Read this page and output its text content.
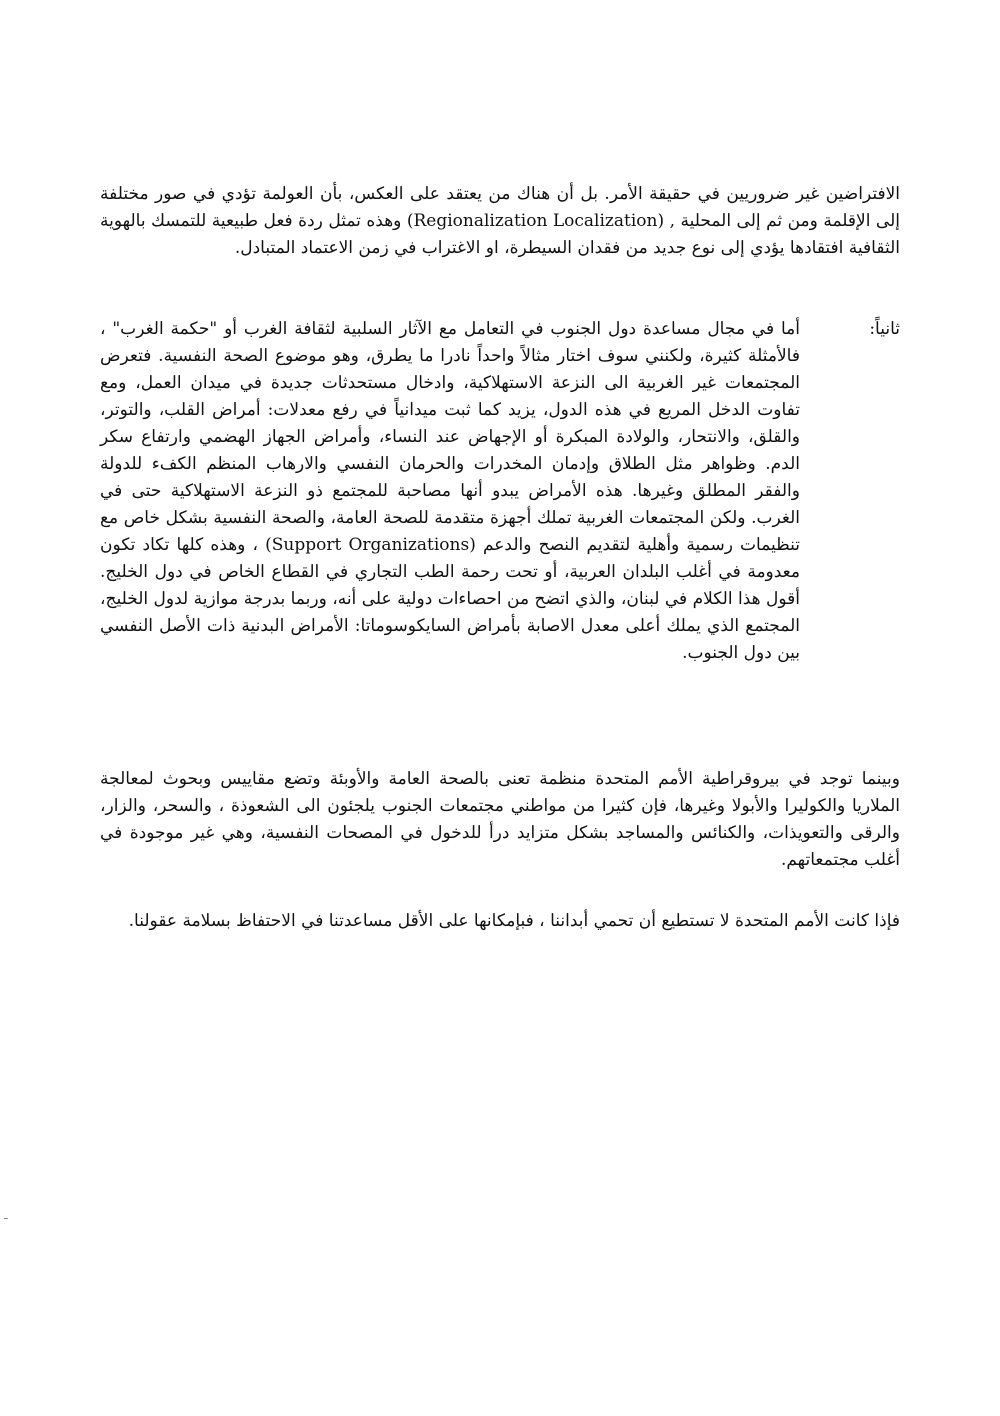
الافتراضين غير ضروريين في حقيقة الأمر. بل أن هناك من يعتقد على العكس، بأن العولمة تؤدي في صور مختلفة إلى الإقلمة ومن ثم إلى المحلية , (Regionalization Localization) وهذه تمثل ردة فعل طبيعية للتمسك بالهوية الثقافية افتقادها يؤدي إلى نوع جديد من فقدان السيطرة، او الاغتراب في زمن الاعتماد المتبادل.

ثانياً:

أما في مجال مساعدة دول الجنوب في التعامل مع الآثار السلبية لثقافة الغرب أو "حكمة الغرب" ، فالأمثلة كثيرة، ولكنني سوف اختار مثالاً واحداً نادرا ما يطرق، وهو موضوع الصحة النفسية. فتعرض المجتمعات غير الغربية الى النزعة الاستهلاكية، وادخال مستحدثات جديدة في ميدان العمل، ومع تفاوت الدخل المريع في هذه الدول، يزيد كما ثبت ميدانياً في رفع معدلات: أمراض القلب، والتوتر، والقلق، والانتحار، والولادة المبكرة أو الإجهاض عند النساء، وأمراض الجهاز الهضمي وارتفاع سكر الدم. وظواهر مثل الطلاق وإدمان المخدرات والحرمان النفسي والارهاب المنظم الكفء للدولة والفقر المطلق وغيرها. هذه الأمراض يبدو أنها مصاحبة للمجتمع ذو النزعة الاستهلاكية حتى في الغرب. ولكن المجتمعات الغربية تملك أجهزة متقدمة للصحة العامة، والصحة النفسية بشكل خاص مع تنظيمات رسمية وأهلية لتقديم النصح والدعم (Support Organizations) ، وهذه كلها تكاد تكون معدومة في أغلب البلدان العربية، أو تحت رحمة الطب التجاري في القطاع الخاص في دول الخليج. أقول هذا الكلام في لبنان، والذي اتضح من احصاءات دولية على أنه، وربما بدرجة موازية لدول الخليج، المجتمع الذي يملك أعلى معدل الاصابة بأمراض السايكوسوماتا: الأمراض البدنية ذات الأصل النفسي بين دول الجنوب.

وبينما توجد في بيروقراطية الأمم المتحدة منظمة تعنى بالصحة العامة والأوبئة وتضع مقاييس وبحوث لمعالجة الملاريا والكوليرا والأبولا وغيرها، فإن كثيرا من مواطني مجتمعات الجنوب يلجئون الى الشعوذة ، والسحر، والزار، والرقى والتعويذات، والكنائس والمساجد بشكل متزايد درأ للدخول في المصحات النفسية، وهي غير موجودة في أغلب مجتمعاتهم.

فإذا كانت الأمم المتحدة لا تستطيع أن تحمي أبداننا ، فبإمكانها على الأقل مساعدتنا في الاحتفاظ بسلامة عقولنا.
